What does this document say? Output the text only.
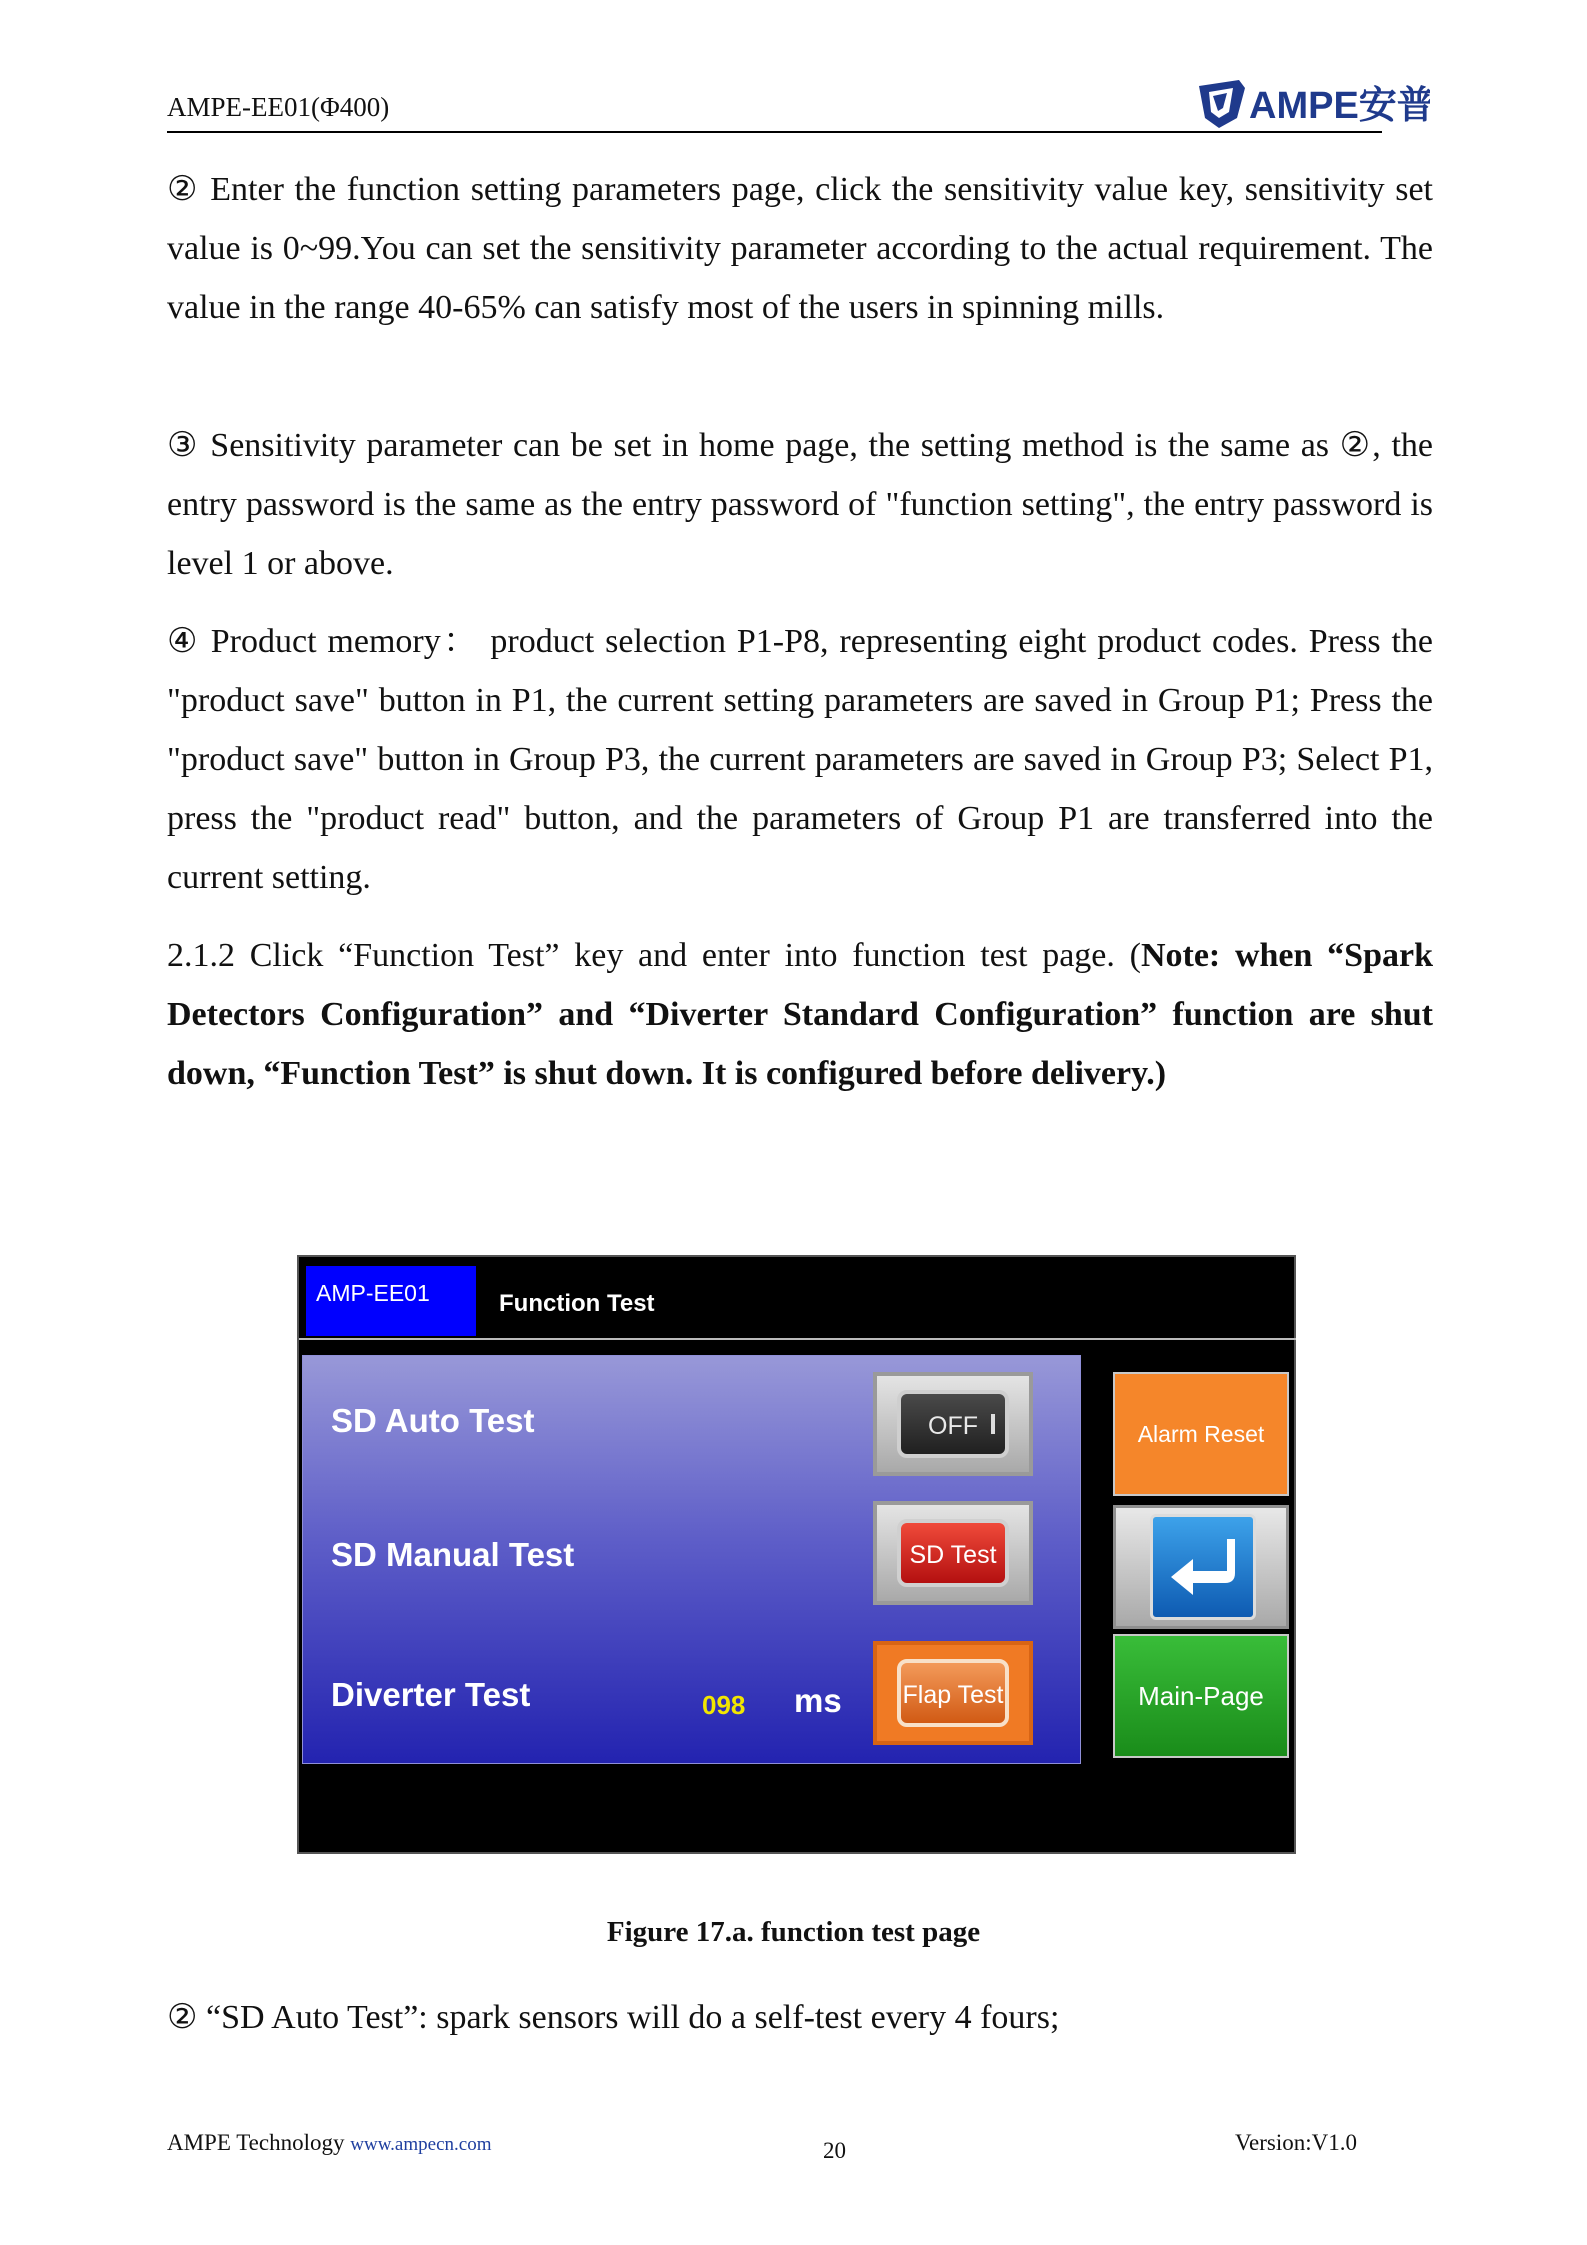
AMPE-EE01(Φ400)	AMPE安普
② Enter the function setting parameters page, click the sensitivity value key, sensitivity set value is 0~99.You can set the sensitivity parameter according to the actual requirement. The value in the range 40-65% can satisfy most of the users in spinning mills.
③ Sensitivity parameter can be set in home page, the setting method is the same as ②, the entry password is the same as the entry password of "function setting", the entry password is level 1 or above.
④ Product memory： product selection P1-P8, representing eight product codes. Press the "product save" button in P1, the current setting parameters are saved in Group P1; Press the "product save" button in Group P3, the current parameters are saved in Group P3; Select P1, press the "product read" button, and the parameters of Group P1 are transferred into the current setting.
2.1.2 Click “Function Test” key and enter into function test page. (Note: when “Spark Detectors Configuration” and “Diverter Standard Configuration” function are shut down, “Function Test” is shut down. It is configured before delivery.)
AMP-EE01	Function Test
SD Auto Test
SD Manual Test
Diverter Test	098 ms
OFF
SD Test
Flap Test
Alarm Reset
Main-Page
Figure 17.a. function test page
② “SD Auto Test”: spark sensors will do a self-test every 4 fours;
AMPE Technology www.ampecn.com	20	Version:V1.0
